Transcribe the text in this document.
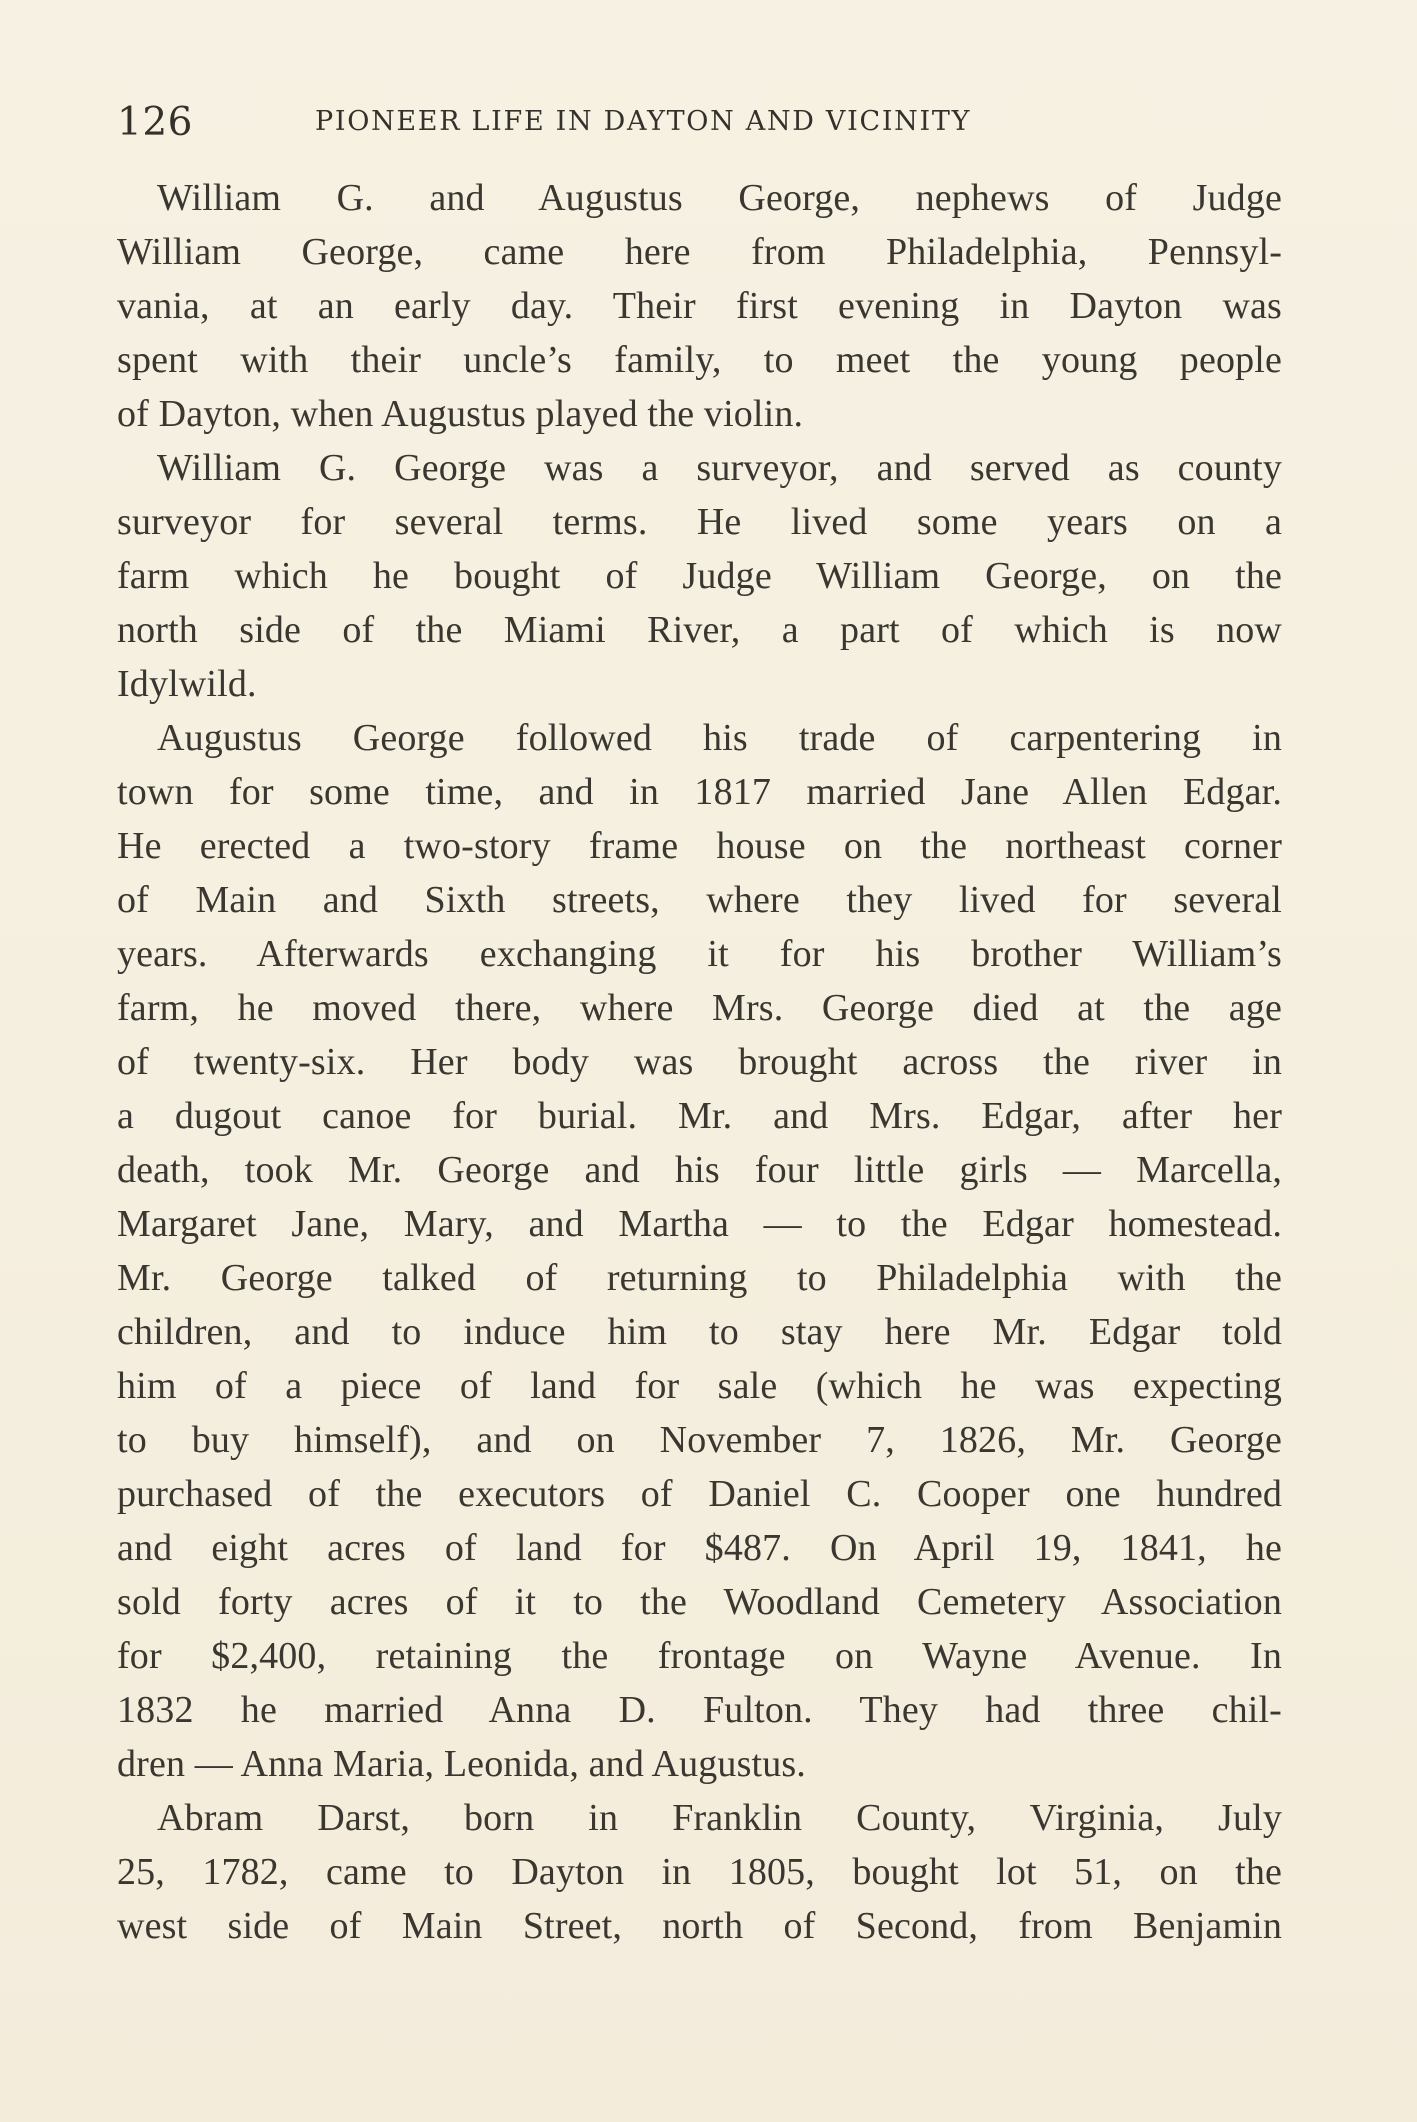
126	PIONEER LIFE IN DAYTON AND VICINITY
William G. and Augustus George, nephews of Judge
William George, came here from Philadelphia, Pennsyl-
vania, at an early day. Their first evening in Dayton was
spent with their uncle’s family, to meet the young people
of Dayton, when Augustus played the violin.
William G. George was a surveyor, and served as county
surveyor for several terms. He lived some years on a
farm which he bought of Judge William George, on the
north side of the Miami River, a part of which is now
Idylwild.
Augustus George followed his trade of carpentering in
town for some time, and in 1817 married Jane Allen Edgar.
He erected a two-story frame house on the northeast corner
of Main and Sixth streets, where they lived for several
years. Afterwards exchanging it for his brother William’s
farm, he moved there, where Mrs. George died at the age
of twenty-six. Her body was brought across the river in
a dugout canoe for burial. Mr. and Mrs. Edgar, after her
death, took Mr. George and his four little girls — Marcella,
Margaret Jane, Mary, and Martha — to the Edgar homestead.
Mr. George talked of returning to Philadelphia with the
children, and to induce him to stay here Mr. Edgar told
him of a piece of land for sale (which he was expecting
to buy himself), and on November 7, 1826, Mr. George
purchased of the executors of Daniel C. Cooper one hundred
and eight acres of land for $487. On April 19, 1841, he
sold forty acres of it to the Woodland Cemetery Association
for $2,400, retaining the frontage on Wayne Avenue. In
1832 he married Anna D. Fulton. They had three chil-
dren — Anna Maria, Leonida, and Augustus.
Abram Darst, born in Franklin County, Virginia, July
25, 1782, came to Dayton in 1805, bought lot 51, on the
west side of Main Street, north of Second, from Benjamin
